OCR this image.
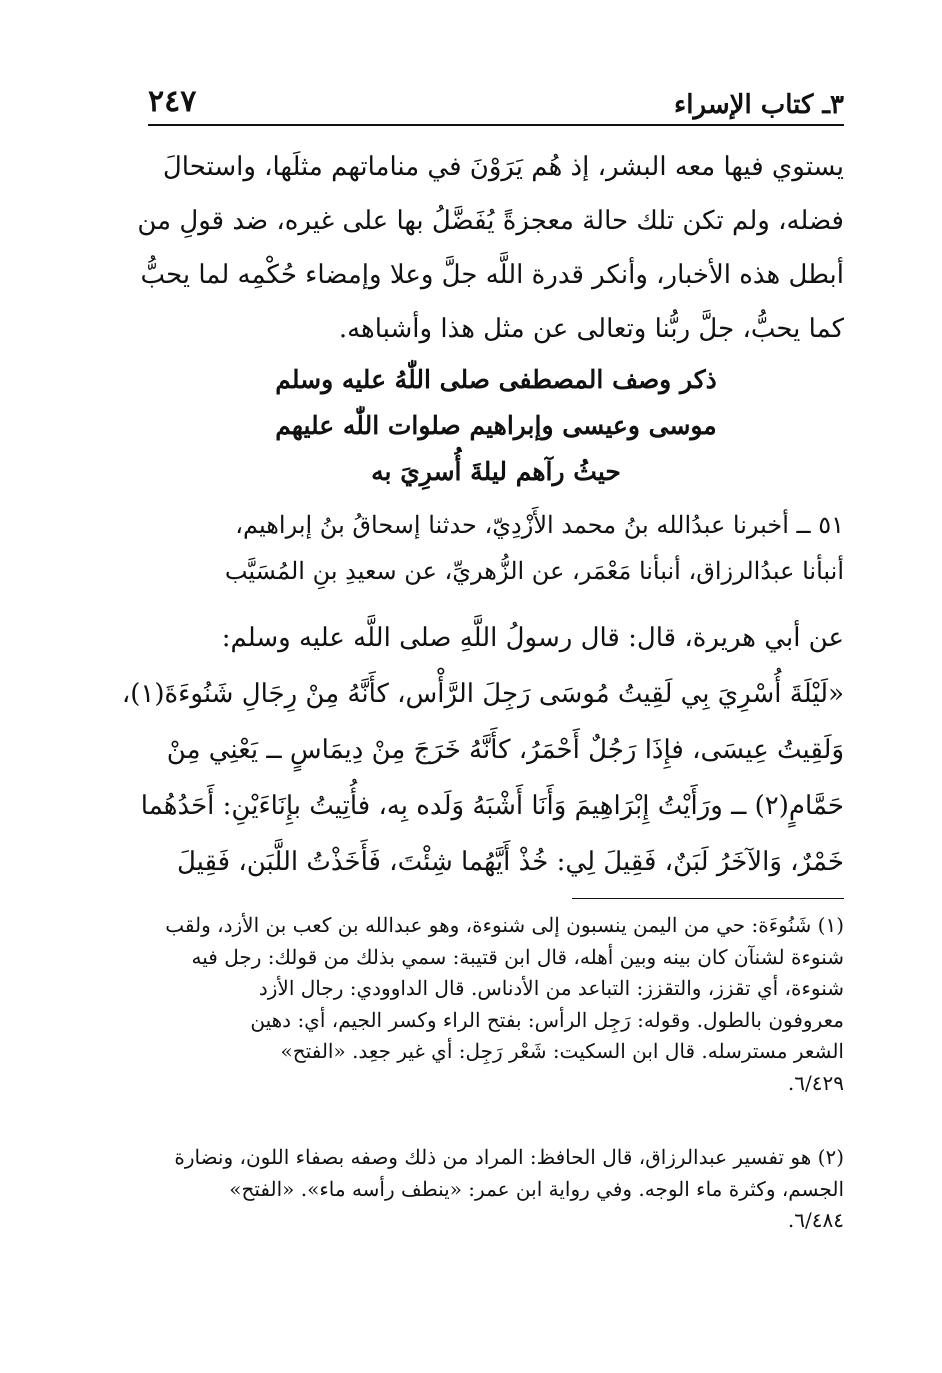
٣ـ كتاب الإسراء
٢٤٧
يستوي فيها معه البشر، إذ هُم يَرَوْنَ في مناماتهم مثلَها، واستحالَ
فضله، ولم تكن تلك حالة معجزةً يُفَضَّلُ بها على غيره، ضد قولِ من
أبطل هذه الأخبار، وأنكر قدرة اللَّه جلَّ وعلا وإمضاء حُكْمِه لما يحبُّ
كما يحبُّ، جلَّ ربُّنا وتعالى عن مثل هذا وأشباهه.
ذكر وصف المصطفى صلى اللّٰهُ عليه وسلم
موسى وعيسى وإبراهيم صلوات اللّٰه عليهم
حيثُ رآهم ليلةَ أُسرِيَ به
٥١ ــ أخبرنا عبدُالله بنُ محمد الأَزْدِيّ، حدثنا إسحاقُ بنُ إبراهيم،
أنبأنا عبدُالرزاق، أنبأنا مَعْمَر، عن الزُّهريِّ، عن سعيدِ بنِ المُسَيَّب
عن أبي هريرة، قال: قال رسولُ اللَّهِ صلى اللَّه عليه وسلم:
«لَيْلَةَ أُسْرِيَ بِي لَقِيتُ مُوسَى رَجِلَ الرَّأْس، كأَنَّهُ مِنْ رِجَالِ شَنُوءَةَ(١)،
وَلَقِيتُ عِيسَى، فإِذَا رَجُلٌ أَحْمَرُ، كأَنَّهُ خَرَجَ مِنْ دِيمَاسٍ ــ يَعْنِي مِنْ
حَمَّامٍ(٢) ــ ورَأَيْتُ إِبْرَاهِيمَ وَأَنَا أَشْبَهُ وَلَده بِه، فأُتِيتُ بإِنَاءَيْنِ: أَحَدُهُما
خَمْرٌ، وَالآخَرُ لَبَنٌ، فَقِيلَ لِي: خُذْ أَيَّهُما شِئْتَ، فَأَخَذْتُ اللَّبَن، فَقِيلَ
(١) شَنُوءَة: حي من اليمن ينسبون إلى شنوءة، وهو عبدالله بن كعب بن الأزد، ولقب
شنوءة لشنآن كان بينه وبين أهله، قال ابن قتيبة: سمي بذلك من قولك: رجل فيه
شنوءة، أي تقزز، والتقزز: التباعد من الأدناس. قال الداوودي: رجال الأزد
معروفون بالطول. وقوله: رَجِل الرأس: بفتح الراء وكسر الجيم، أي: دهين
الشعر مسترسله. قال ابن السكيت: شَعْر رَجِل: أي غير جعِد. «الفتح»
٦/٤٢٩.
(٢) هو تفسير عبدالرزاق، قال الحافظ: المراد من ذلك وصفه بصفاء اللون، ونضارة
الجسم، وكثرة ماء الوجه. وفي رواية ابن عمر: «ينطف رأسه ماء». «الفتح»
٦/٤٨٤.
